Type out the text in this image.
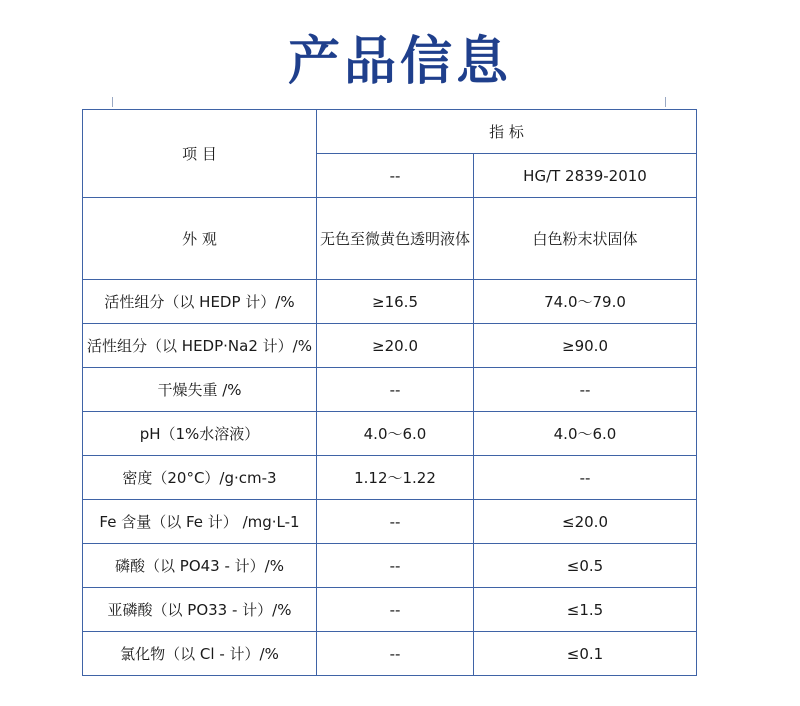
产品信息
项 目	指 标	
	--	HG/T 2839-2010
外 观	无色至微黄色透明液体	白色粉末状固体
活性组分（以 HEDP 计）/%	≥16.5	74.0～79.0
活性组分（以 HEDP·Na2 计）/%	≥20.0	≥90.0
干燥失重 /%	--	--
pH（1%水溶液）	4.0～6.0	4.0～6.0
密度（20°C）/g·cm-3	1.12～1.22	--
Fe 含量（以 Fe 计） /mg·L-1	--	≤20.0
磷酸（以 PO43 - 计）/%	--	≤0.5
亚磷酸（以 PO33 - 计）/%	--	≤1.5
氯化物（以 Cl - 计）/%	--	≤0.1
